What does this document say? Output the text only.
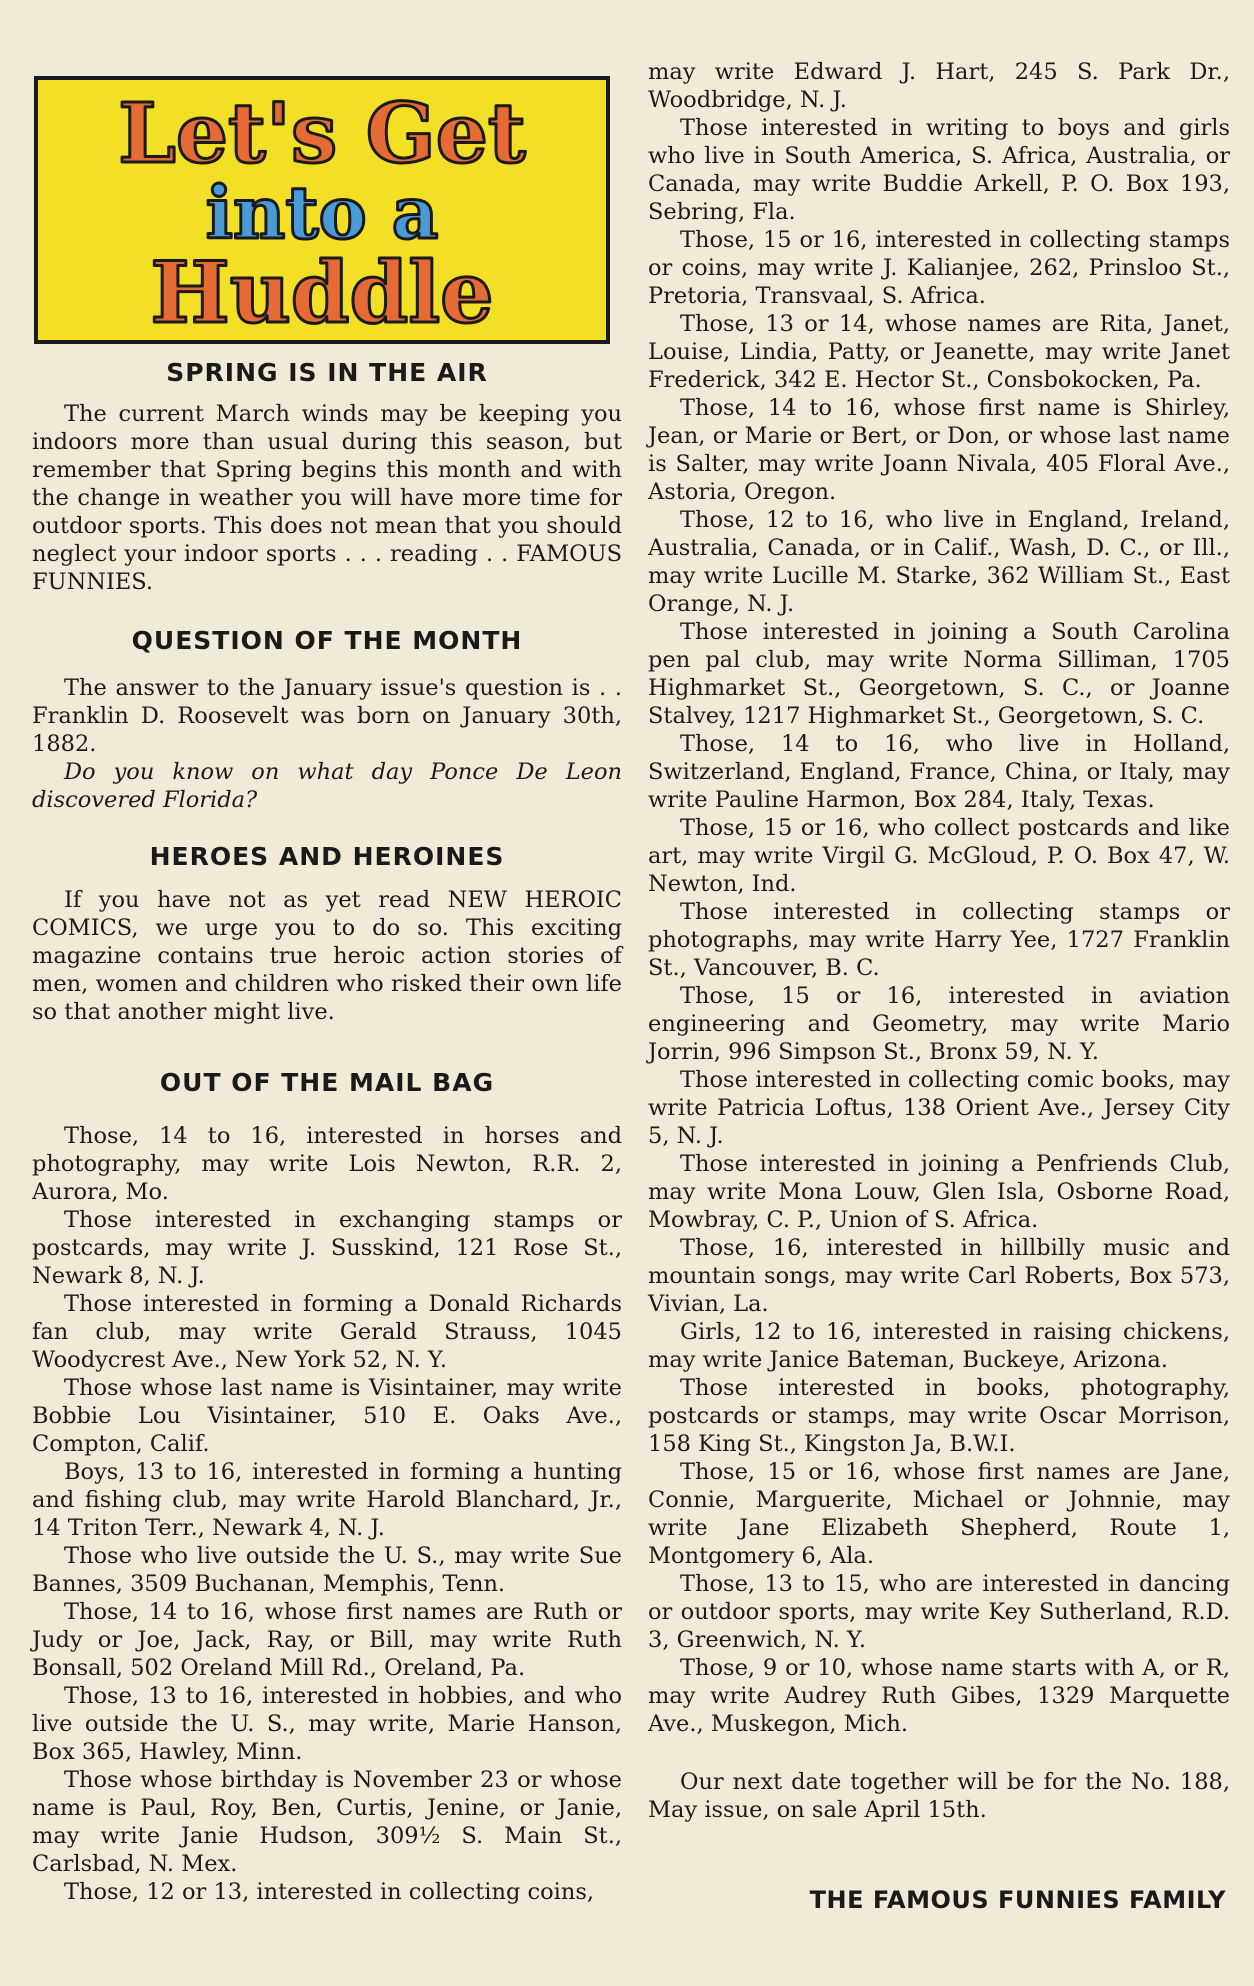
Let's Get
into a
Huddle
SPRING IS IN THE AIR

The current March winds may be keeping you indoors more than usual during this season, but remember that Spring begins this month and with the change in weather you will have more time for outdoor sports. This does not mean that you should neglect your indoor sports . . . reading . . FAMOUS FUNNIES.

QUESTION OF THE MONTH

The answer to the January issue's question is . . Franklin D. Roosevelt was born on January 30th, 1882.

Do you know on what day Ponce De Leon discovered Florida?

HEROES AND HEROINES

If you have not as yet read NEW HEROIC COMICS, we urge you to do so. This exciting magazine contains true heroic action stories of men, women and children who risked their own life so that another might live.

OUT OF THE MAIL BAG

Those, 14 to 16, interested in horses and photography, may write Lois Newton, R.R. 2, Aurora, Mo.

Those interested in exchanging stamps or postcards, may write J. Susskind, 121 Rose St., Newark 8, N. J.

Those interested in forming a Donald Richards fan club, may write Gerald Strauss, 1045 Woodycrest Ave., New York 52, N. Y.

Those whose last name is Visintainer, may write Bobbie Lou Visintainer, 510 E. Oaks Ave., Compton, Calif.

Boys, 13 to 16, interested in forming a hunting and fishing club, may write Harold Blanchard, Jr., 14 Triton Terr., Newark 4, N. J.

Those who live outside the U. S., may write Sue Bannes, 3509 Buchanan, Memphis, Tenn.

Those, 14 to 16, whose first names are Ruth or Judy or Joe, Jack, Ray, or Bill, may write Ruth Bonsall, 502 Oreland Mill Rd., Oreland, Pa.

Those, 13 to 16, interested in hobbies, and who live outside the U. S., may write, Marie Hanson, Box 365, Hawley, Minn.

Those whose birthday is November 23 or whose name is Paul, Roy, Ben, Curtis, Jenine, or Janie, may write Janie Hudson, 309½ S. Main St., Carlsbad, N. Mex.

Those, 12 or 13, interested in collecting coins,

may write Edward J. Hart, 245 S. Park Dr., Woodbridge, N. J.

Those interested in writing to boys and girls who live in South America, S. Africa, Australia, or Canada, may write Buddie Arkell, P. O. Box 193, Sebring, Fla.

Those, 15 or 16, interested in collecting stamps or coins, may write J. Kalianjee, 262, Prinsloo St., Pretoria, Transvaal, S. Africa.

Those, 13 or 14, whose names are Rita, Janet, Louise, Lindia, Patty, or Jeanette, may write Janet Frederick, 342 E. Hector St., Consbokocken, Pa.

Those, 14 to 16, whose first name is Shirley, Jean, or Marie or Bert, or Don, or whose last name is Salter, may write Joann Nivala, 405 Floral Ave., Astoria, Oregon.

Those, 12 to 16, who live in England, Ireland, Australia, Canada, or in Calif., Wash, D. C., or Ill., may write Lucille M. Starke, 362 William St., East Orange, N. J.

Those interested in joining a South Carolina pen pal club, may write Norma Silliman, 1705 Highmarket St., Georgetown, S. C., or Joanne Stalvey, 1217 Highmarket St., Georgetown, S. C.

Those, 14 to 16, who live in Holland, Switzerland, England, France, China, or Italy, may write Pauline Harmon, Box 284, Italy, Texas.

Those, 15 or 16, who collect postcards and like art, may write Virgil G. McGloud, P. O. Box 47, W. Newton, Ind.

Those interested in collecting stamps or photographs, may write Harry Yee, 1727 Franklin St., Vancouver, B. C.

Those, 15 or 16, interested in aviation engineering and Geometry, may write Mario Jorrin, 996 Simpson St., Bronx 59, N. Y.

Those interested in collecting comic books, may write Patricia Loftus, 138 Orient Ave., Jersey City 5, N. J.

Those interested in joining a Penfriends Club, may write Mona Louw, Glen Isla, Osborne Road, Mowbray, C. P., Union of S. Africa.

Those, 16, interested in hillbilly music and mountain songs, may write Carl Roberts, Box 573, Vivian, La.

Girls, 12 to 16, interested in raising chickens, may write Janice Bateman, Buckeye, Arizona.

Those interested in books, photography, postcards or stamps, may write Oscar Morrison, 158 King St., Kingston Ja, B.W.I.

Those, 15 or 16, whose first names are Jane, Connie, Marguerite, Michael or Johnnie, may write Jane Elizabeth Shepherd, Route 1, Montgomery 6, Ala.

Those, 13 to 15, who are interested in dancing or outdoor sports, may write Key Sutherland, R.D. 3, Greenwich, N. Y.

Those, 9 or 10, whose name starts with A, or R, may write Audrey Ruth Gibes, 1329 Marquette Ave., Muskegon, Mich.

Our next date together will be for the No. 188, May issue, on sale April 15th.

THE FAMOUS FUNNIES FAMILY
